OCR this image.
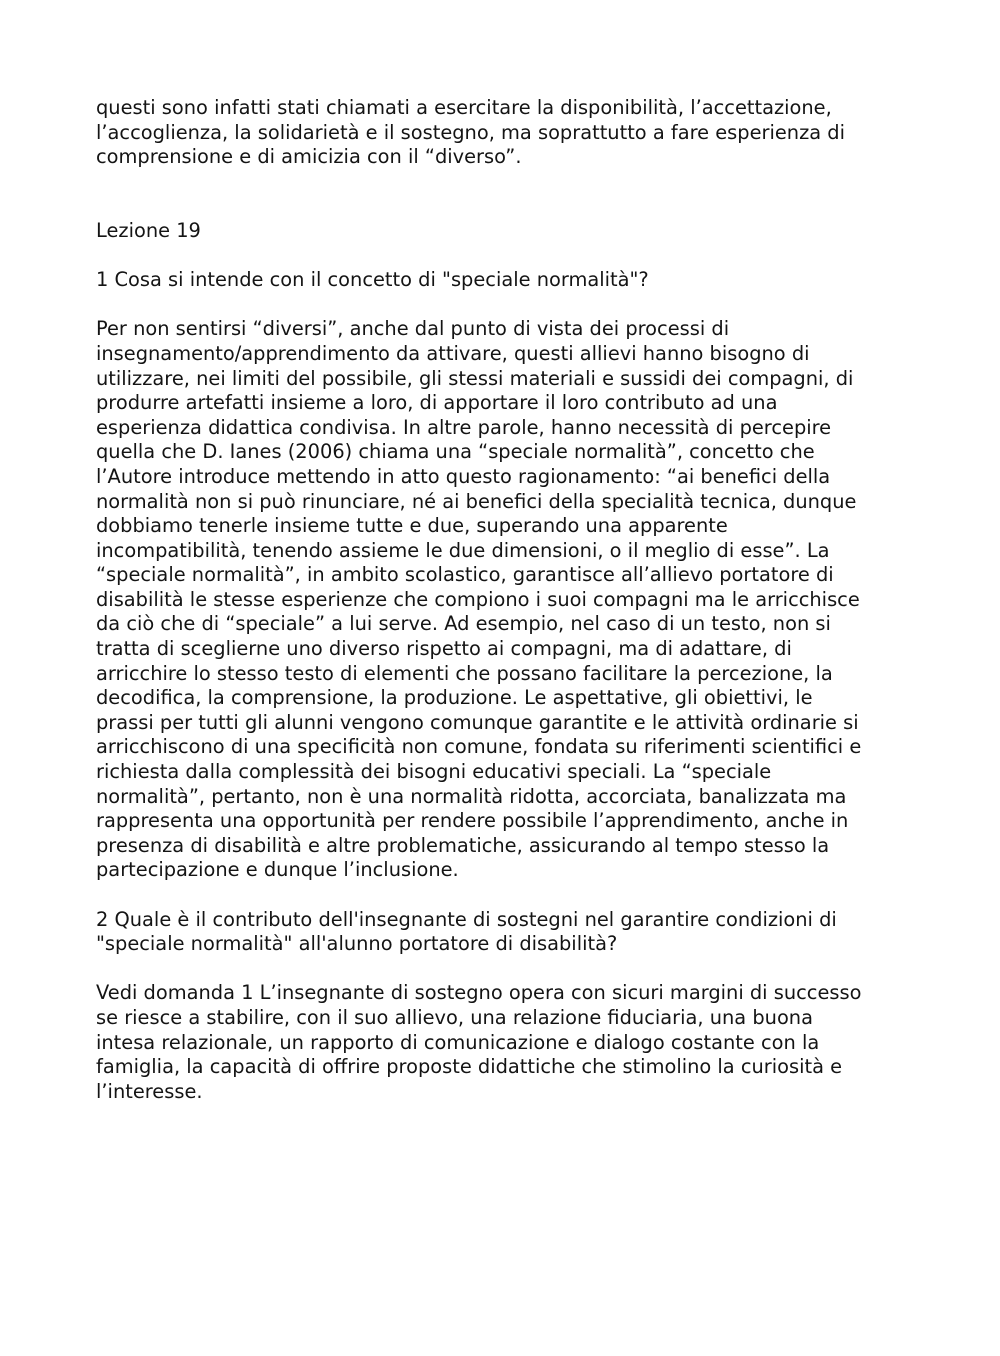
questi sono infatti stati chiamati a esercitare la disponibilità, l’accettazione,
l’accoglienza, la solidarietà e il sostegno, ma soprattutto a fare esperienza di
comprensione e di amicizia con il “diverso”.
Lezione 19
1 Cosa si intende con il concetto di "speciale normalità"?
Per non sentirsi “diversi”, anche dal punto di vista dei processi di
insegnamento/apprendimento da attivare, questi allievi hanno bisogno di
utilizzare, nei limiti del possibile, gli stessi materiali e sussidi dei compagni, di
produrre artefatti insieme a loro, di apportare il loro contributo ad una
esperienza didattica condivisa. In altre parole, hanno necessità di percepire
quella che D. Ianes (2006) chiama una “speciale normalità”, concetto che
l’Autore introduce mettendo in atto questo ragionamento: “ai benefici della
normalità non si può rinunciare, né ai benefici della specialità tecnica, dunque
dobbiamo tenerle insieme tutte e due, superando una apparente
incompatibilità, tenendo assieme le due dimensioni, o il meglio di esse”. La
“speciale normalità”, in ambito scolastico, garantisce all’allievo portatore di
disabilità le stesse esperienze che compiono i suoi compagni ma le arricchisce
da ciò che di “speciale” a lui serve. Ad esempio, nel caso di un testo, non si
tratta di sceglierne uno diverso rispetto ai compagni, ma di adattare, di
arricchire lo stesso testo di elementi che possano facilitare la percezione, la
decodifica, la comprensione, la produzione. Le aspettative, gli obiettivi, le
prassi per tutti gli alunni vengono comunque garantite e le attività ordinarie si
arricchiscono di una specificità non comune, fondata su riferimenti scientifici e
richiesta dalla complessità dei bisogni educativi speciali. La “speciale
normalità”, pertanto, non è una normalità ridotta, accorciata, banalizzata ma
rappresenta una opportunità per rendere possibile l’apprendimento, anche in
presenza di disabilità e altre problematiche, assicurando al tempo stesso la
partecipazione e dunque l’inclusione.
2 Quale è il contributo dell'insegnante di sostegni nel garantire condizioni di
"speciale normalità" all'alunno portatore di disabilità?
Vedi domanda 1 L’insegnante di sostegno opera con sicuri margini di successo
se riesce a stabilire, con il suo allievo, una relazione fiduciaria, una buona
intesa relazionale, un rapporto di comunicazione e dialogo costante con la
famiglia, la capacità di offrire proposte didattiche che stimolino la curiosità e
l’interesse.
